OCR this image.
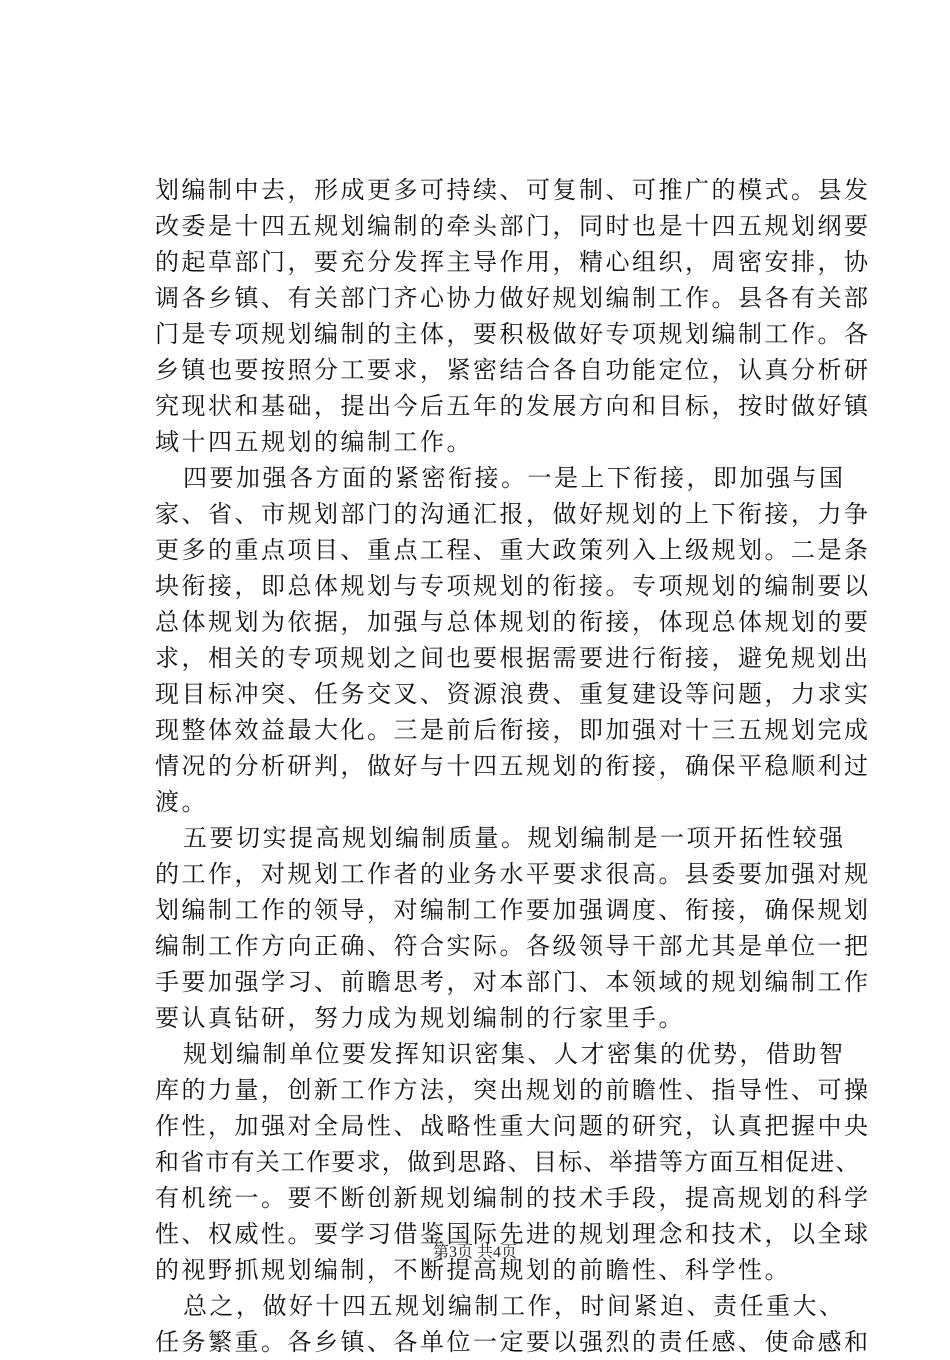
划编制中去，形成更多可持续、可复制、可推广的模式。县发
改委是十四五规划编制的牵头部门，同时也是十四五规划纲要
的起草部门，要充分发挥主导作用，精心组织，周密安排，协
调各乡镇、有关部门齐心协力做好规划编制工作。县各有关部
门是专项规划编制的主体，要积极做好专项规划编制工作。各
乡镇也要按照分工要求，紧密结合各自功能定位，认真分析研
究现状和基础，提出今后五年的发展方向和目标，按时做好镇
域十四五规划的编制工作。
四要加强各方面的紧密衔接。一是上下衔接，即加强与国
家、省、市规划部门的沟通汇报，做好规划的上下衔接，力争
更多的重点项目、重点工程、重大政策列入上级规划。二是条
块衔接，即总体规划与专项规划的衔接。专项规划的编制要以
总体规划为依据，加强与总体规划的衔接，体现总体规划的要
求，相关的专项规划之间也要根据需要进行衔接，避免规划出
现目标冲突、任务交叉、资源浪费、重复建设等问题，力求实
现整体效益最大化。三是前后衔接，即加强对十三五规划完成
情况的分析研判，做好与十四五规划的衔接，确保平稳顺利过
渡。
五要切实提高规划编制质量。规划编制是一项开拓性较强
的工作，对规划工作者的业务水平要求很高。县委要加强对规
划编制工作的领导，对编制工作要加强调度、衔接，确保规划
编制工作方向正确、符合实际。各级领导干部尤其是单位一把
手要加强学习、前瞻思考，对本部门、本领域的规划编制工作
要认真钻研，努力成为规划编制的行家里手。
规划编制单位要发挥知识密集、人才密集的优势，借助智
库的力量，创新工作方法，突出规划的前瞻性、指导性、可操
作性，加强对全局性、战略性重大问题的研究，认真把握中央
和省市有关工作要求，做到思路、目标、举措等方面互相促进、
有机统一。要不断创新规划编制的技术手段，提高规划的科学
性、权威性。要学习借鉴国际先进的规划理念和技术，以全球
的视野抓规划编制，不断提高规划的前瞻性、科学性。
总之，做好十四五规划编制工作，时间紧迫、责任重大、
任务繁重。各乡镇、各单位一定要以强烈的责任感、使命感和
第3页 共4页
